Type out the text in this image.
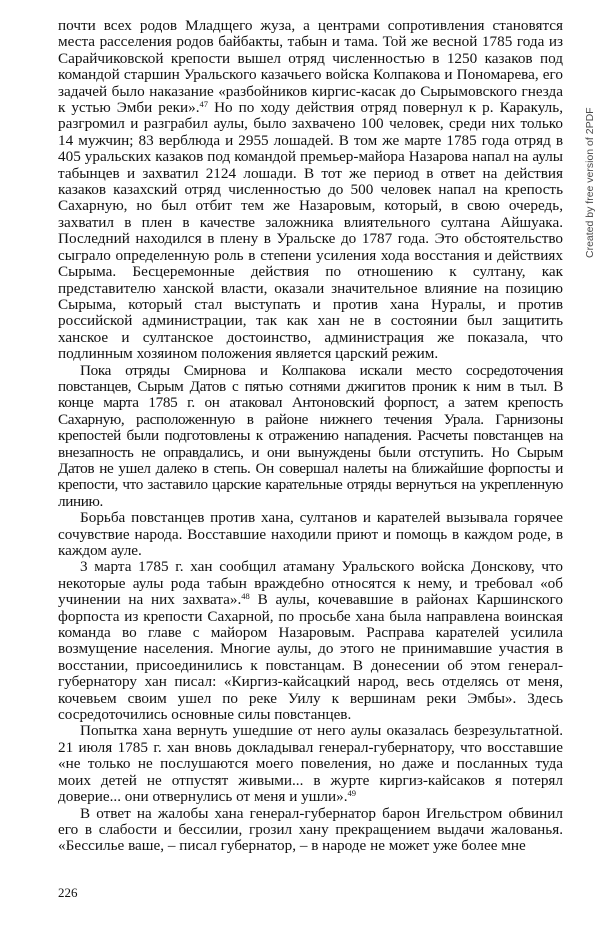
почти всех родов Младщего жуза, а центрами сопротивления становятся места расселения родов байбакты, табын и тама. Той же весной 1785 года из Сарайчиковской крепости вышел отряд численностью в 1250 казаков под командой старшин Уральского казачьего войска Колпакова и Пономарева, его задачей было наказание «разбойников киргис-касак до Сырымовского гнезда к устью Эмби реки».$^{47}$ Но по ходу действия отряд повернул к р. Каракуль, разгромил и разграбил аулы, было захвачено 100 человек, среди них только 14 мужчин; 83 верблюда и 2955 лошадей. В том же марте 1785 года отряд в 405 уральских казаков под командой премьер-майора Назарова напал на аулы табынцев и захватил 2124 лошади. В тот же период в ответ на действия казаков казахский отряд численностью до 500 человек напал на крепость Сахарную, но был отбит тем же Назаровым, который, в свою очередь, захватил в плен в качестве заложника влиятельного султана Айшуака. Последний находился в плену в Уральске до 1787 года. Это обстоятельство сыграло определенную роль в степени усиления хода восстания и действиях Сырыма. Бесцеремонные действия по отношению к султану, как представителю ханской власти, оказали значительное влияние на позицию Сырыма, который стал выступать и против хана Нуралы, и против российской администрации, так как хан не в состоянии был защитить ханское и султанское достоинство, администрация же показала, что подлинным хозяином положения является царский режим.

Пока отряды Смирнова и Колпакова искали место сосредоточения повстанцев, Сырым Датов с пятью сотнями джигитов проник к ним в тыл. В конце марта 1785 г. он атаковал Антоновский форпост, а затем крепость Сахарную, расположенную в районе нижнего течения Урала. Гарнизоны крепостей были подготовлены к отражению нападения. Расчеты повстанцев на внезапность не оправдались, и они вынуждены были отступить. Но Сырым Датов не ушел далеко в степь. Он совершал налеты на ближайшие форпосты и крепости, что заставило царские карательные отряды вернуться на укрепленную линию.

Борьба повстанцев против хана, султанов и карателей вызывала горячее сочувствие народа. Восставшие находили приют и помощь в каждом роде, в каждом ауле.

3 марта 1785 г. хан сообщил атаману Уральского войска Донскову, что некоторые аулы рода табын враждебно относятся к нему, и требовал «об учинении на них захвата».$^{48}$ В аулы, кочевавшие в районах Каршинского форпоста из крепости Сахарной, по просьбе хана была направлена воинская команда во главе с майором Назаровым. Расправа карателей усилила возмущение населения. Многие аулы, до этого не принимавшие участия в восстании, присоединились к повстанцам. В донесении об этом генерал-губернатору хан писал: «Киргиз-кайсацкий народ, весь отделясь от меня, кочевьем своим ушел по реке Уилу к вершинам реки Эмбы». Здесь сосредоточились основные силы повстанцев.

Попытка хана вернуть ушедшие от него аулы оказалась безрезультатной. 21 июля 1785 г. хан вновь докладывал генерал-губернатору, что восставшие «не только не послушаются моего повеления, но даже и посланных туда моих детей не отпустят живыми... в журте киргиз-кайсаков я потерял доверие... они отвернулись от меня и ушли».$^{49}$

В ответ на жалобы хана генерал-губернатор барон Игельстром обвинил его в слабости и бессилии, грозил хану прекращением выдачи жалованья. «Бессилье ваше, – писал губернатор, – в народе не может уже более мне

226
Created by free version of 2PDF
